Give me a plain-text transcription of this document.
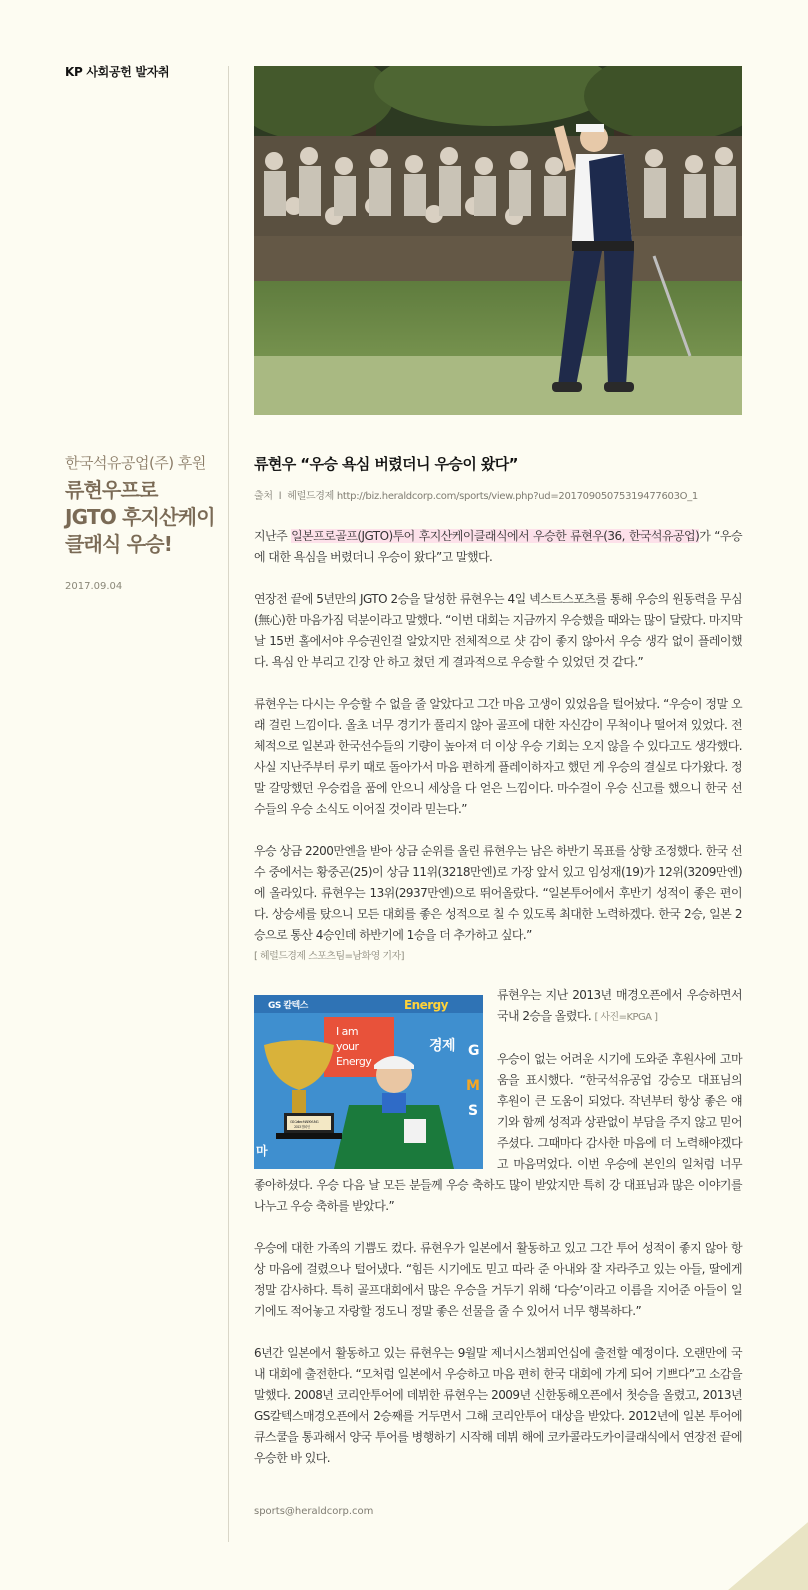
KP 사회공헌 발자취
한국석유공업(주) 후원
류현우프로
JGTO 후지산케이
클래식 우승!
2017.09.04
류현우 “우승 욕심 버렸더니 우승이 왔다”
출처 l 헤럴드경제 http://biz.heraldcorp.com/sports/view.php?ud=20170905075319477603O_1

지난주 일본프로골프(JGTO)투어 후지산케이클래식에서 우승한 류현우(36, 한국석유공업)가 “우승에 대한 욕심을 버렸더니 우승이 왔다”고 말했다.

연장전 끝에 5년만의 JGTO 2승을 달성한 류현우는 4일 넥스트스포츠를 통해 우승의 원동력을 무심(無心)한 마음가짐 덕분이라고 말했다. “이번 대회는 지금까지 우승했을 때와는 많이 달랐다. 마지막날 15번 홀에서야 우승권인걸 알았지만 전체적으로 샷 감이 좋지 않아서 우승 생각 없이 플레이했다. 욕심 안 부리고 긴장 안 하고 쳤던 게 결과적으로 우승할 수 있었던 것 같다.”

류현우는 다시는 우승할 수 없을 줄 알았다고 그간 마음 고생이 있었음을 털어놨다. “우승이 정말 오래 걸린 느낌이다. 올초 너무 경기가 풀리지 않아 골프에 대한 자신감이 무척이나 떨어져 있었다. 전체적으로 일본과 한국선수들의 기량이 높아져 더 이상 우승 기회는 오지 않을 수 있다고도 생각했다. 사실 지난주부터 루키 때로 돌아가서 마음 편하게 플레이하자고 했던 게 우승의 결실로 다가왔다. 정말 갈망했던 우승컵을 품에 안으니 세상을 다 얻은 느낌이다. 마수걸이 우승 신고를 했으니 한국 선수들의 우승 소식도 이어질 것이라 믿는다.”

우승 상금 2200만엔을 받아 상금 순위를 올린 류현우는 남은 하반기 목표를 상향 조정했다. 한국 선수 중에서는 황중곤(25)이 상금 11위(3218만엔)로 가장 앞서 있고 임성재(19)가 12위(3209만엔)에 올라있다. 류현우는 13위(2937만엔)으로 뛰어올랐다. “일본투어에서 후반기 성적이 좋은 편이다. 상승세를 탔으니 모든 대회를 좋은 성적으로 칠 수 있도록 최대한 노력하겠다. 한국 2승, 일본 2승으로 통산 4승인데 하반기에 1승을 더 추가하고 싶다.”

[ 헤럴드경제 스포츠팀=남화영 기자]
GS 칼텍스	Energy
I am
your
Energy
경제 G
S
M
마
GS Caltex MAEKYUNG
2013 챔피언

류현우는 지난 2013년 매경오픈에서 우승하면서 국내 2승을 올렸다. [ 사진=KPGA ]

우승이 없는 어려운 시기에 도와준 후원사에 고마움을 표시했다. “한국석유공업 강승모 대표님의 후원이 큰 도움이 되었다. 작년부터 항상 좋은 얘기와 함께 성적과 상관없이 부담을 주지 않고 믿어주셨다. 그때마다 감사한 마음에 더 노력해야겠다고 마음먹었다. 이번 우승에 본인의 일처럼 너무 좋아하셨다. 우승 다음 날 모든 분들께 우승 축하도 많이 받았지만 특히 강 대표님과 많은 이야기를 나누고 우승 축하를 받았다.”

우승에 대한 가족의 기쁨도 컸다. 류현우가 일본에서 활동하고 있고 그간 투어 성적이 좋지 않아 항상 마음에 걸렸으나 털어냈다. “힘든 시기에도 믿고 따라 준 아내와 잘 자라주고 있는 아들, 딸에게 정말 감사하다. 특히 골프대회에서 많은 우승을 거두기 위해 ‘다승’이라고 이름을 지어준 아들이 일기에도 적어놓고 자랑할 정도니 정말 좋은 선물을 줄 수 있어서 너무 행복하다.”

6년간 일본에서 활동하고 있는 류현우는 9월말 제너시스챔피언십에 출전할 예정이다. 오랜만에 국내 대회에 출전한다. “모처럼 일본에서 우승하고 마음 편히 한국 대회에 가게 되어 기쁘다”고 소감을 말했다. 2008년 코리안투어에 데뷔한 류현우는 2009년 신한동해오픈에서 첫승을 올렸고, 2013년 GS칼텍스매경오픈에서 2승째를 거두면서 그해 코리안투어 대상을 받았다. 2012년에 일본 투어에 큐스쿨을 통과해서 양국 투어를 병행하기 시작해 데뷔 해에 코카콜라도카이클래식에서 연장전 끝에 우승한 바 있다.

sports@heraldcorp.com
